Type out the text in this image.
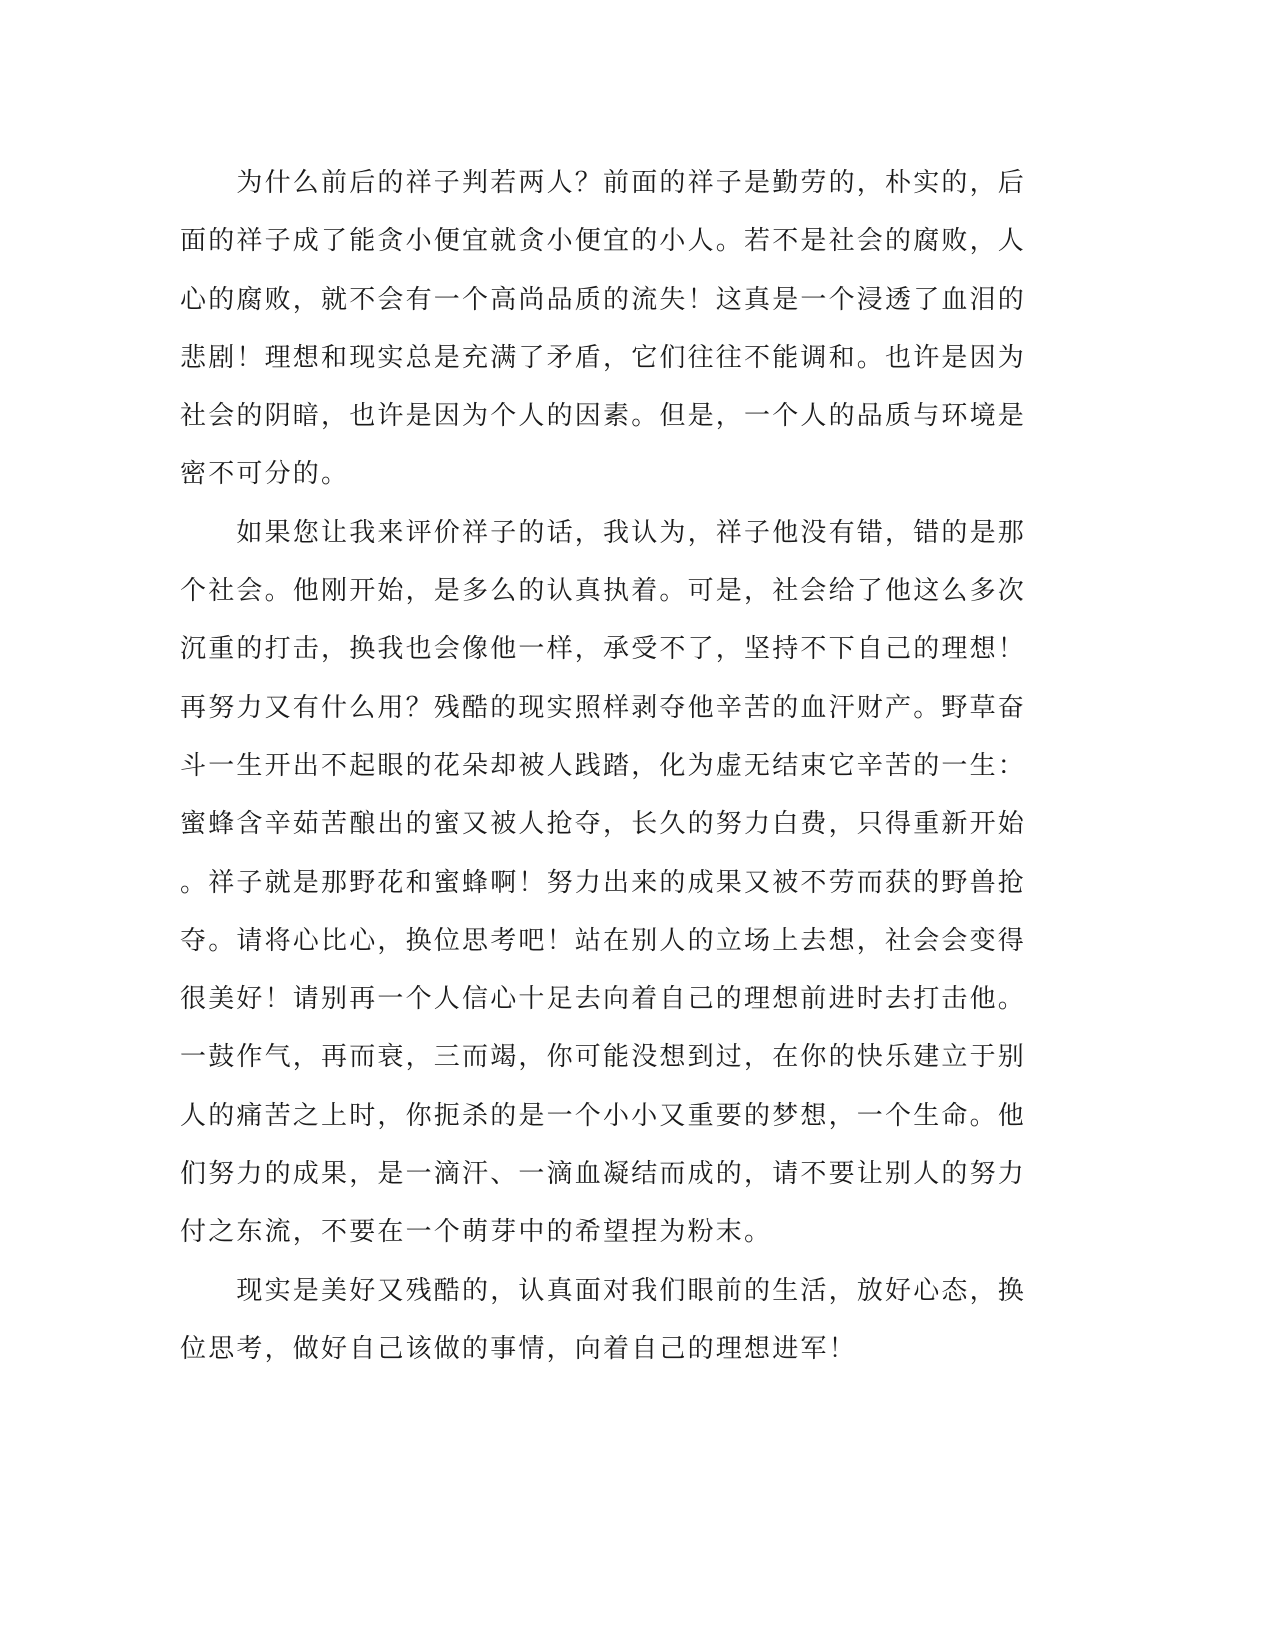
　　为什么前后的祥子判若两人？前面的祥子是勤劳的，朴实的，后
面的祥子成了能贪小便宜就贪小便宜的小人。若不是社会的腐败，人
心的腐败，就不会有一个高尚品质的流失！这真是一个浸透了血泪的
悲剧！理想和现实总是充满了矛盾，它们往往不能调和。也许是因为
社会的阴暗，也许是因为个人的因素。但是，一个人的品质与环境是
密不可分的。
　　如果您让我来评价祥子的话，我认为，祥子他没有错，错的是那
个社会。他刚开始，是多么的认真执着。可是，社会给了他这么多次
沉重的打击，换我也会像他一样，承受不了，坚持不下自己的理想！
再努力又有什么用？残酷的现实照样剥夺他辛苦的血汗财产。野草奋
斗一生开出不起眼的花朵却被人践踏，化为虚无结束它辛苦的一生：
蜜蜂含辛茹苦酿出的蜜又被人抢夺，长久的努力白费，只得重新开始
。祥子就是那野花和蜜蜂啊！努力出来的成果又被不劳而获的野兽抢
夺。请将心比心，换位思考吧！站在别人的立场上去想，社会会变得
很美好！请别再一个人信心十足去向着自己的理想前进时去打击他。
一鼓作气，再而衰，三而竭，你可能没想到过，在你的快乐建立于别
人的痛苦之上时，你扼杀的是一个小小又重要的梦想，一个生命。他
们努力的成果，是一滴汗、一滴血凝结而成的，请不要让别人的努力
付之东流，不要在一个萌芽中的希望捏为粉末。
　　现实是美好又残酷的，认真面对我们眼前的生活，放好心态，换
位思考，做好自己该做的事情，向着自己的理想进军！
